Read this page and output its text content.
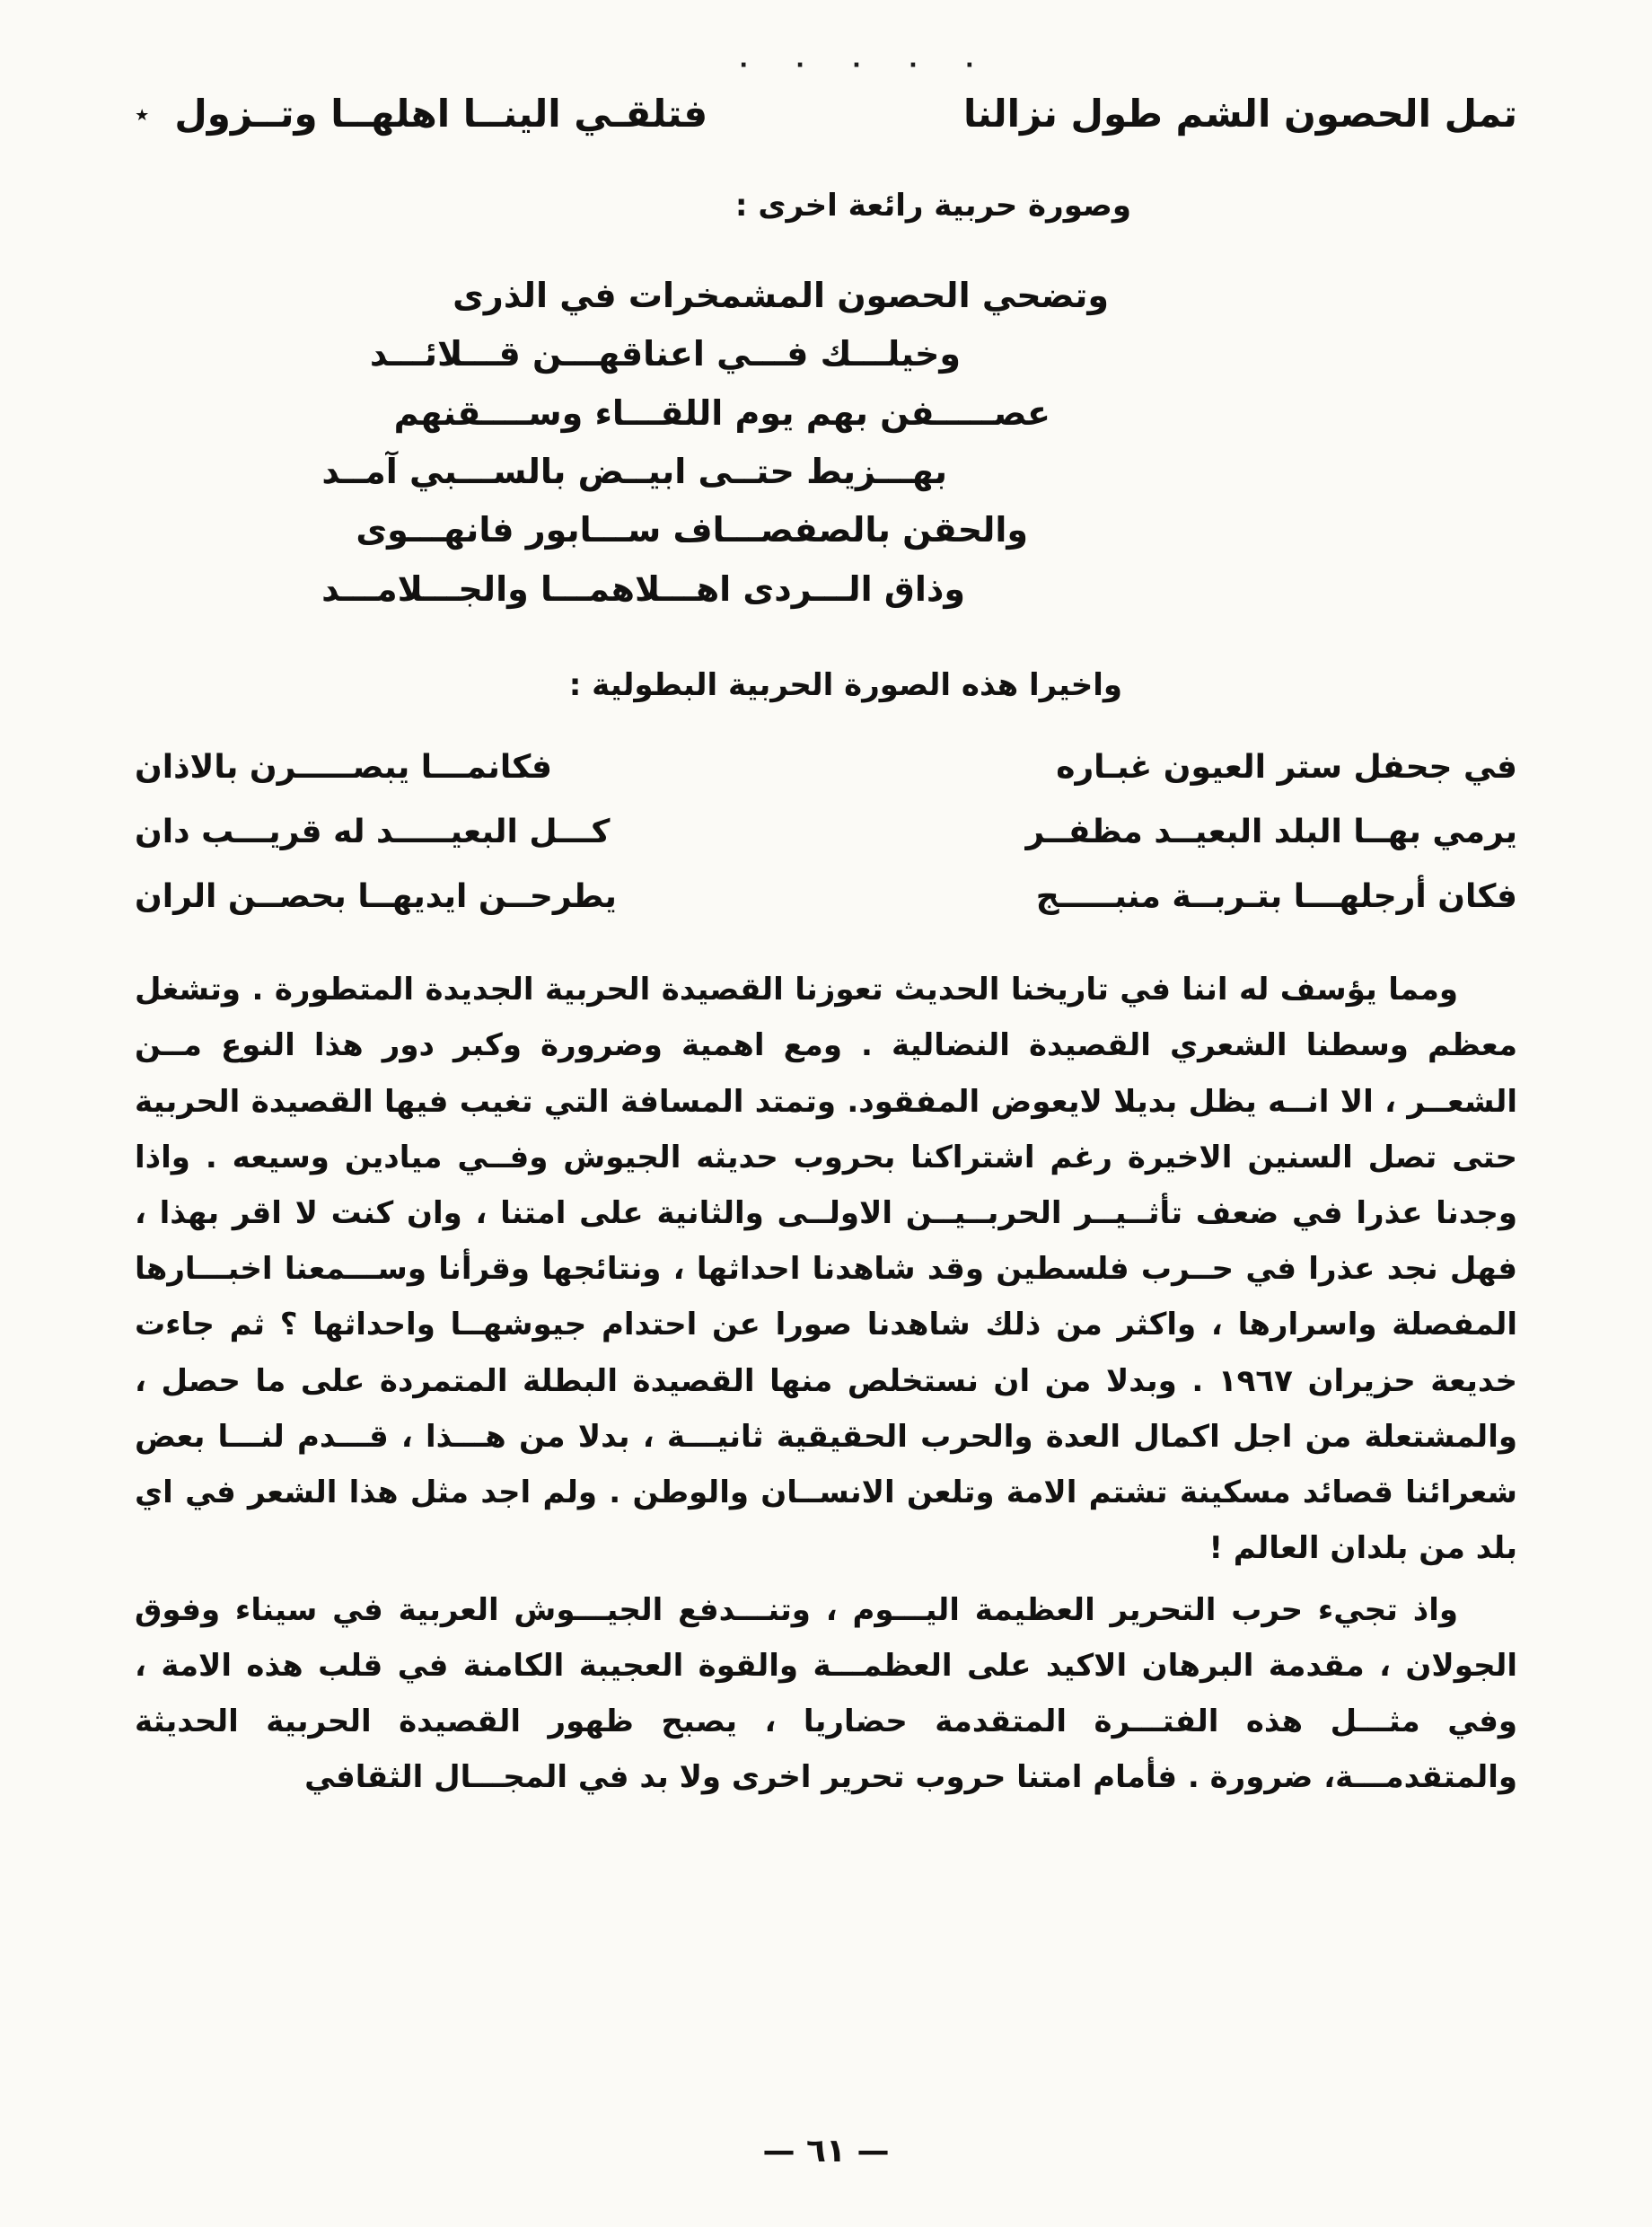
· · · · ·
تمل الحصون الشم طول نزالنا
فتلقـي الينــا اهلهــا وتــزول
٭

وصورة حربية رائعة اخرى :

وتضحي الحصون المشمخرات في الذرى
وخيلـــك فـــي اعناقهـــن قـــلائـــد
عصـــــفن بهم يوم اللقـــاء وســــقنهم
بهـــزيط حتــى ابيــض بالســـبي آمــد
والحقن بالصفصـــاف ســـابور فانهـــوى
وذاق الـــردى اهـــلاهمـــا والجـــلامـــد

واخيرا هذه الصورة الحربية البطولية :

في جحفل ستر العيون غبـاره
فكانمـــا يبصـــــرن بالاذان
يرمي بهــا البلد البعيــد مظفــر
كـــل البعيـــــد له قريـــب دان
فكان أرجلهـــا بتـربــة منبـــــج
يطرحــن ايديهــا بحصــن الران

ومما يؤسف له اننا في تاريخنا الحديث تعوزنا القصيدة الحربية الجديدة المتطورة . وتشغل معظم وسطنا الشعري القصيدة النضالية . ومع اهمية وضرورة وكبر دور هذا النوع مــن الشعــر ، الا انــه يظل بديلا لايعوض المفقود. وتمتد المسافة التي تغيب فيها القصيدة الحربية حتى تصل السنين الاخيرة رغم اشتراكنا بحروب حديثه الجيوش وفــي ميادين وسيعه . واذا وجدنا عذرا في ضعف تأثــيــر الحربــيــن الاولــى والثانية على امتنا ، وان كنت لا اقر بهذا ، فهل نجد عذرا في حــرب فلسطين وقد شاهدنا احداثها ، ونتائجها وقرأنا وســـمعنا اخبـــارها المفصلة واسرارها ، واكثر من ذلك شاهدنا صورا عن احتدام جيوشهــا واحداثها ؟ ثم جاءت خديعة حزيران ١٩٦٧ . وبدلا من ان نستخلص منها القصيدة البطلة المتمردة على ما حصل ، والمشتعلة من اجل اكمال العدة والحرب الحقيقية ثانيـــة ، بدلا من هـــذا ، قـــدم لنـــا بعض شعرائنا قصائد مسكينة تشتم الامة وتلعن الانســان والوطن . ولم اجد مثل هذا الشعر في اي بلد من بلدان العالم !

واذ تجيء حرب التحرير العظيمة اليـــوم ، وتنـــدفع الجيـــوش العربية في سيناء وفوق الجولان ، مقدمة البرهان الاكيد على العظمـــة والقوة العجيبة الكامنة في قلب هذه الامة ، وفي مثـــل هذه الفتـــرة المتقدمة حضاريا ، يصبح ظهور القصيدة الحربية الحديثة والمتقدمـــة، ضرورة . فأمام امتنا حروب تحرير اخرى ولا بد في المجـــال الثقافي

— ٦١ —
